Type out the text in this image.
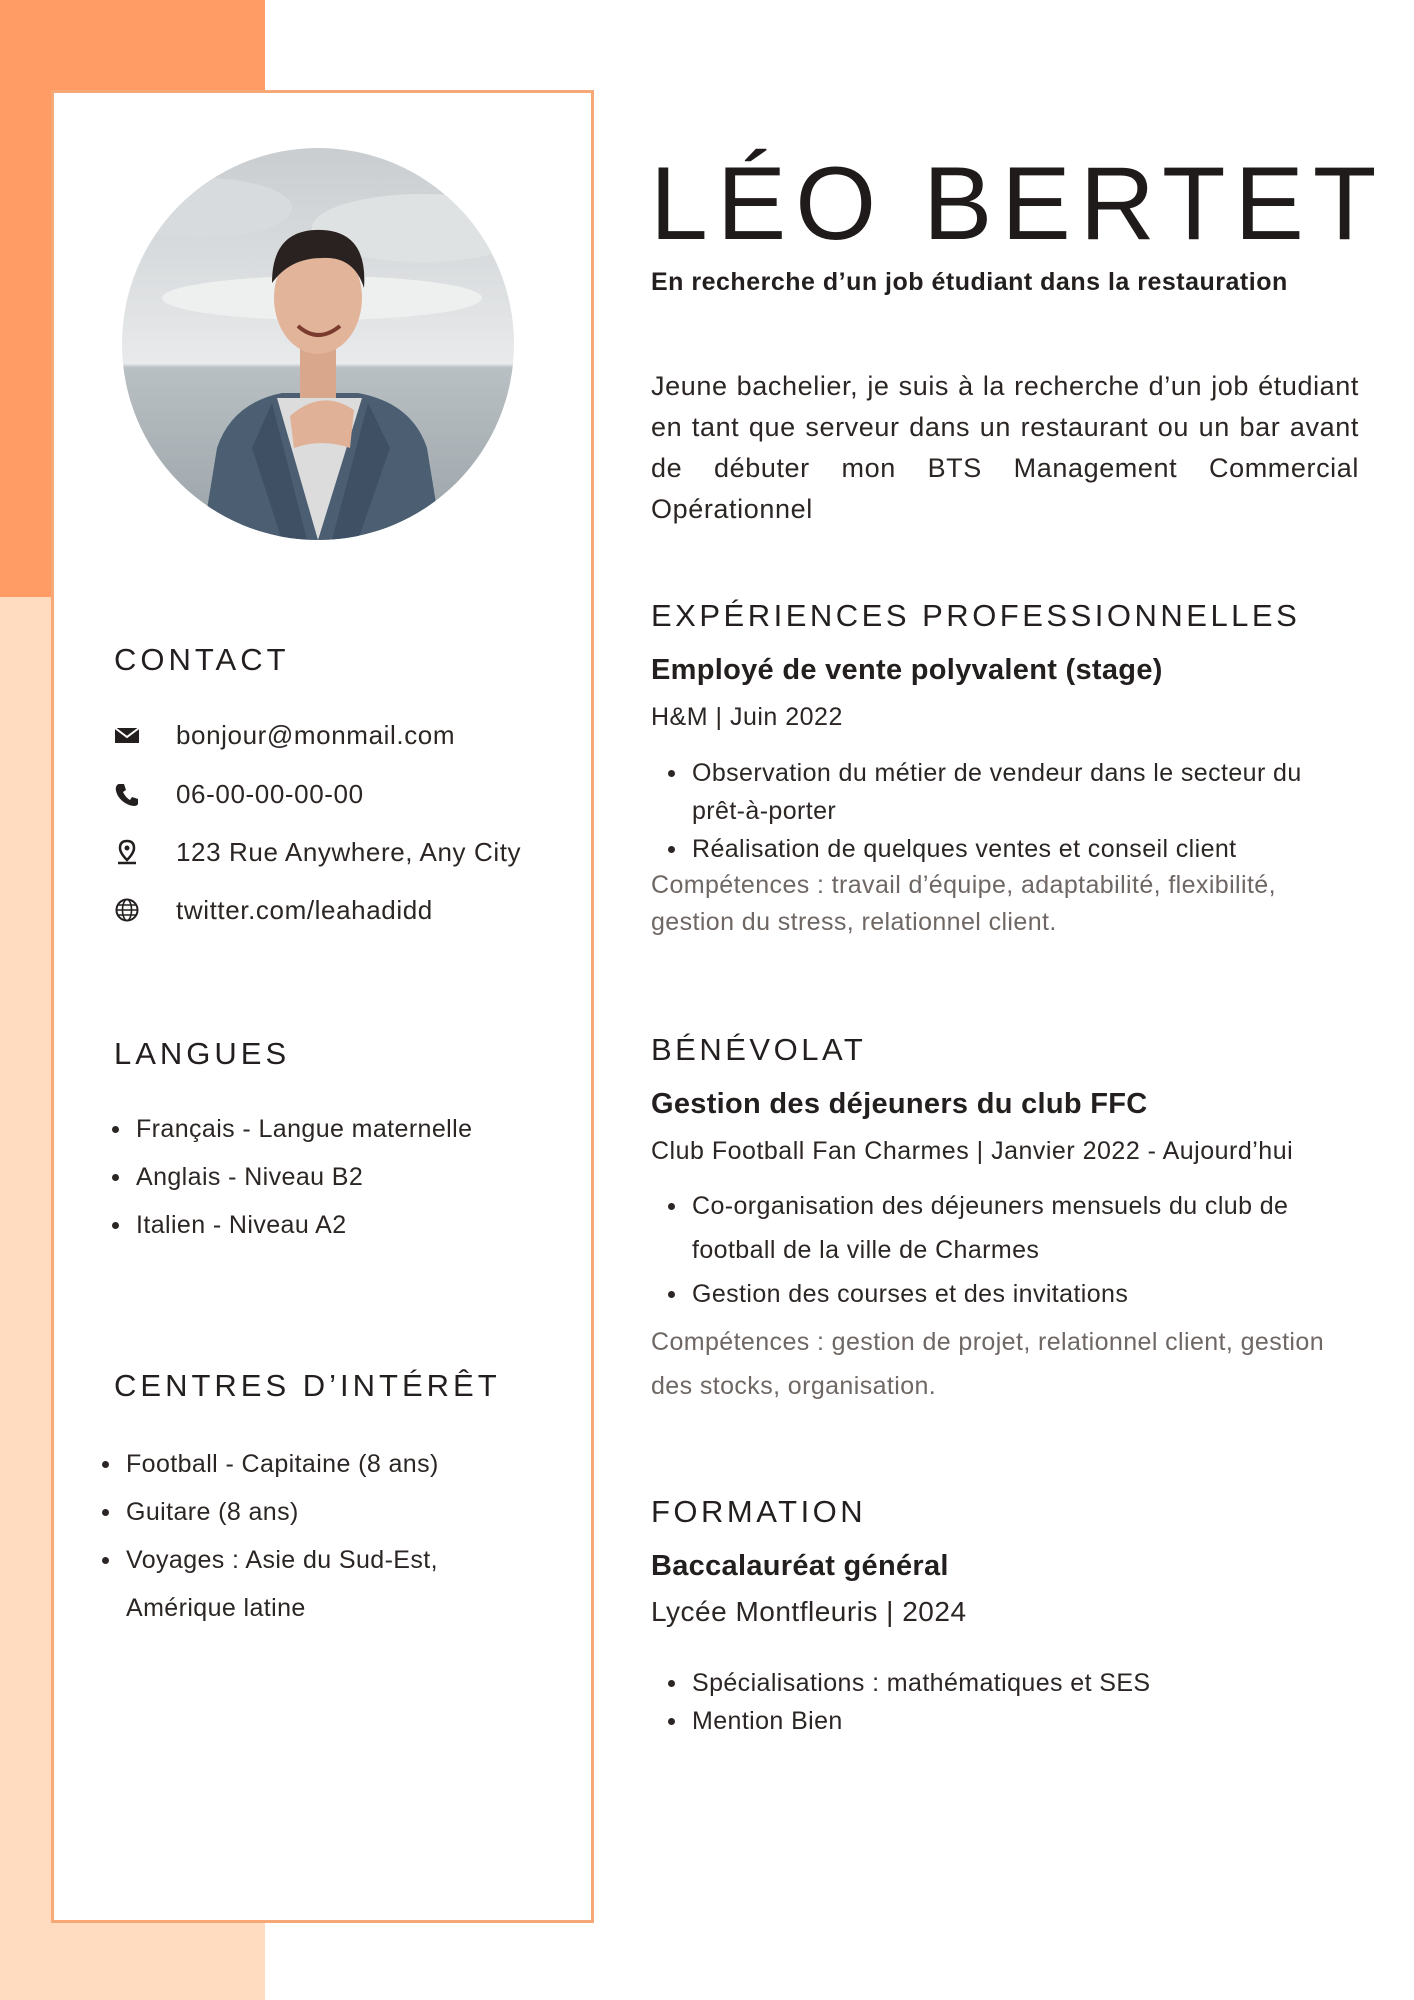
CONTACT
bonjour@monmail.com
06-00-00-00-00
123 Rue Anywhere, Any City
twitter.com/leahadidd
LANGUES
Français - Langue maternelle
Anglais - Niveau B2
Italien - Niveau A2
CENTRES D’INTÉRÊT
Football - Capitaine (8 ans)
Guitare (8 ans)
Voyages : Asie du Sud-Est, Amérique latine
LÉO BERTET

En recherche d’un job étudiant dans la restauration

Jeune bachelier, je suis à la recherche d’un job étudiant en tant que serveur dans un restaurant ou un bar avant de débuter mon BTS Management Commercial Opérationnel

EXPÉRIENCES PROFESSIONNELLES

Employé de vente polyvalent (stage)

H&M | Juin 2022

Observation du métier de vendeur dans le secteur du prêt-à-porter
Réalisation de quelques ventes et conseil client

Compétences : travail d’équipe, adaptabilité, flexibilité, gestion du stress, relationnel client.

BÉNÉVOLAT

Gestion des déjeuners du club FFC

Club Football Fan Charmes | Janvier 2022 - Aujourd’hui

Co-organisation des déjeuners mensuels du club de football de la ville de Charmes
Gestion des courses et des invitations

Compétences : gestion de projet, relationnel client, gestion des stocks, organisation.

FORMATION

Baccalauréat général

Lycée Montfleuris | 2024

Spécialisations : mathématiques et SES
Mention Bien
